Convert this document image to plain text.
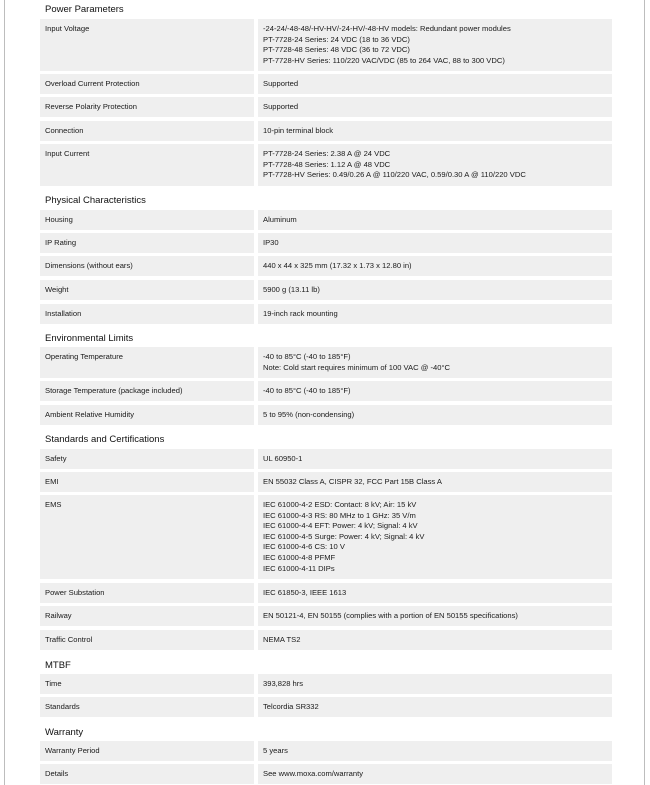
Power Parameters
Input Voltage	-24-24/-48-48/-HV-HV/-24-HV/-48-HV models: Redundant power modules
PT-7728-24 Series: 24 VDC (18 to 36 VDC)
PT-7728-48 Series: 48 VDC (36 to 72 VDC)
PT-7728-HV Series: 110/220 VAC/VDC (85 to 264 VAC, 88 to 300 VDC)
Overload Current Protection	Supported
Reverse Polarity Protection	Supported
Connection	10-pin terminal block
Input Current	PT-7728-24 Series: 2.38 A @ 24 VDC
PT-7728-48 Series: 1.12 A @ 48 VDC
PT-7728-HV Series: 0.49/0.26 A @ 110/220 VAC, 0.59/0.30 A @ 110/220 VDC
Physical Characteristics
Housing	Aluminum
IP Rating	IP30
Dimensions (without ears)	440 x 44 x 325 mm (17.32 x 1.73 x 12.80 in)
Weight	5900 g (13.11 lb)
Installation	19-inch rack mounting
Environmental Limits
Operating Temperature	-40 to 85°C (-40 to 185°F)
Note: Cold start requires minimum of 100 VAC @ -40°C
Storage Temperature (package included)	-40 to 85°C (-40 to 185°F)
Ambient Relative Humidity	5 to 95% (non-condensing)
Standards and Certifications
Safety	UL 60950-1
EMI	EN 55032 Class A, CISPR 32, FCC Part 15B Class A
EMS	IEC 61000-4-2 ESD: Contact: 8 kV; Air: 15 kV
IEC 61000-4-3 RS: 80 MHz to 1 GHz: 35 V/m
IEC 61000-4-4 EFT: Power: 4 kV; Signal: 4 kV
IEC 61000-4-5 Surge: Power: 4 kV; Signal: 4 kV
IEC 61000-4-6 CS: 10 V
IEC 61000-4-8 PFMF
IEC 61000-4-11 DIPs
Power Substation	IEC 61850-3, IEEE 1613
Railway	EN 50121-4, EN 50155 (complies with a portion of EN 50155 specifications)
Traffic Control	NEMA TS2
MTBF
Time	393,828 hrs
Standards	Telcordia SR332
Warranty
Warranty Period	5 years
Details	See www.moxa.com/warranty
